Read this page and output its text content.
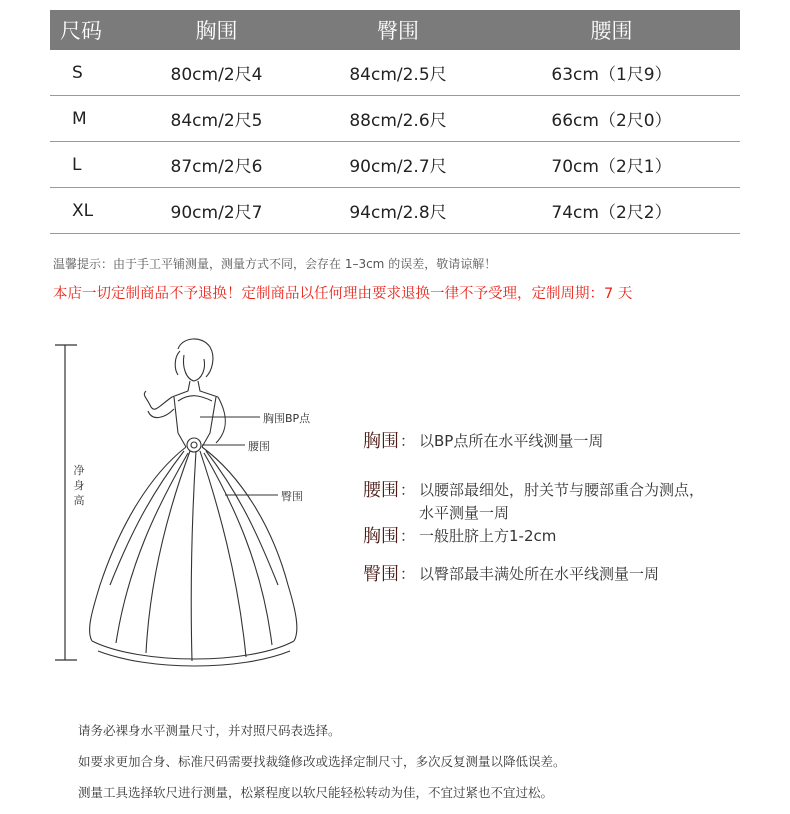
尺码	胸围	臀围	腰围
S	80cm/2尺4	84cm/2.5尺	63cm（1尺9）
M	84cm/2尺5	88cm/2.6尺	66cm（2尺0）
L	87cm/2尺6	90cm/2.7尺	70cm（2尺1）
XL	90cm/2尺7	94cm/2.8尺	74cm（2尺2）
温馨提示：由于手工平铺测量，测量方式不同，会存在 1–3cm 的误差，敬请谅解！
本店一切定制商品不予退换！定制商品以任何理由要求退换一律不予受理，定制周期：7 天
净身高
胸围BP点
腰围
臀围
胸围 ： 以BP点所在水平线测量一周
腰围 ： 以腰部最细处，肘关节与腰部重合为测点，水平测量一周
胸围 ： 一般肚脐上方1-2cm
臀围 ： 以臀部最丰满处所在水平线测量一周
请务必裸身水平测量尺寸，并对照尺码表选择。
如要求更加合身、标准尺码需要找裁缝修改或选择定制尺寸，多次反复测量以降低误差。
测量工具选择软尺进行测量，松紧程度以软尺能轻松转动为佳，不宜过紧也不宜过松。
